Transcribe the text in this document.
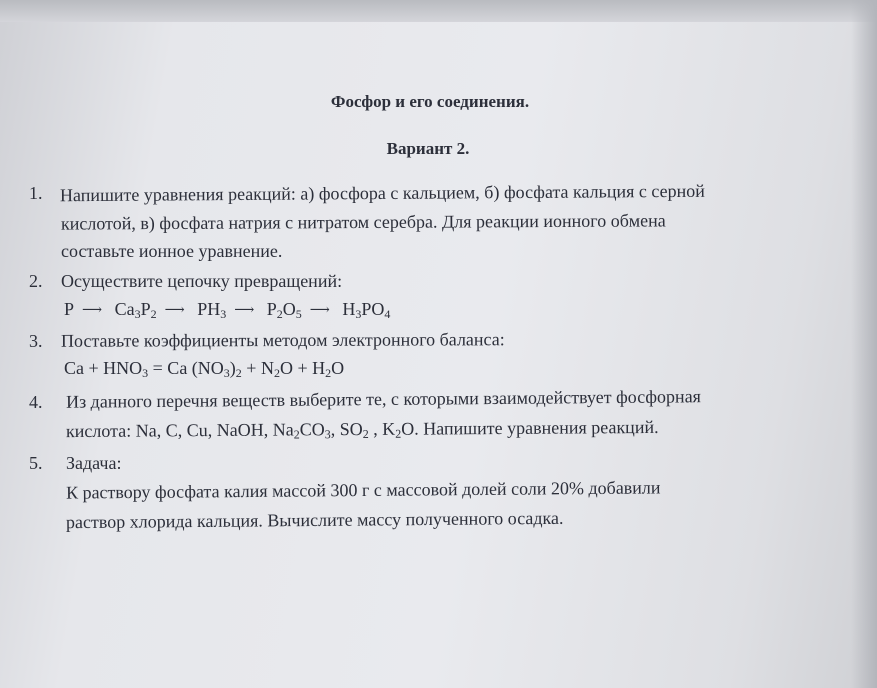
Фосфор и его соединения.
Вариант 2.
1. Напишите уравнения реакций: а) фосфора с кальцием, б) фосфата кальция с серной
кислотой, в) фосфата натрия с нитратом серебра. Для реакции ионного обмена
составьте ионное уравнение.
2. Осуществите цепочку превращений:
P ⟶ $Ca_3P_2$ ⟶ $PH_3$ ⟶ $P_2O_5$ ⟶ $H_3PO_4$
3. Поставьте коэффициенты методом электронного баланса:
$Ca + HNO_3 = Ca$ $(NO_3)_2 + N_2O + H_2O$
4. Из данного перечня веществ выберите те, с которыми взаимодействует фосфорная
кислота: Na, C, Cu, NaOH, $Na_2CO_3$, $SO_2$ , $K_2O$. Напишите уравнения реакций.
5. Задача:
К раствору фосфата калия массой 300 г с массовой долей соли 20% добавили
раствор хлорида кальция. Вычислите массу полученного осадка.
